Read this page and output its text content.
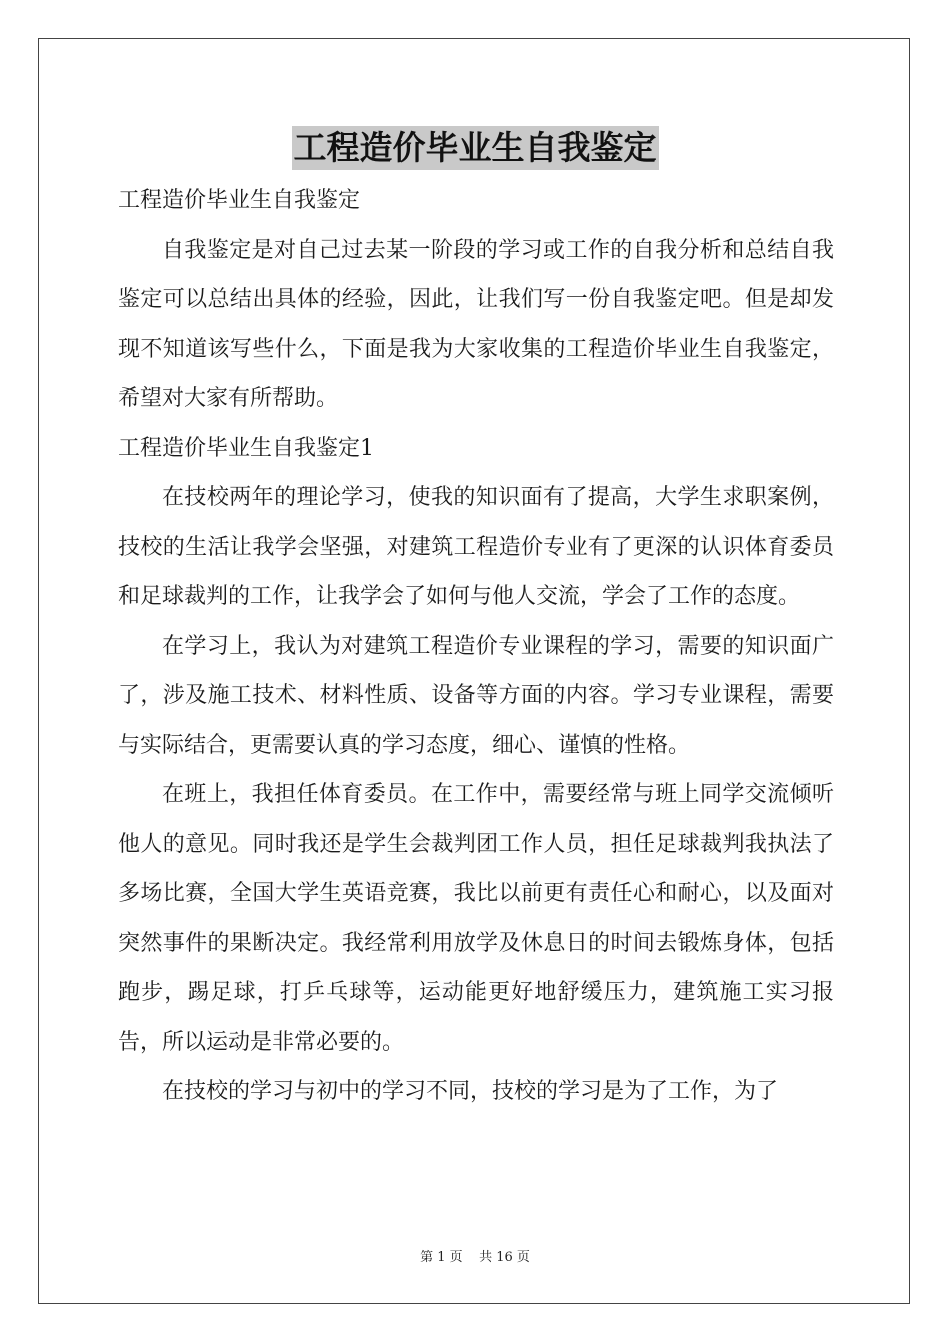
工程造价毕业生自我鉴定

工程造价毕业生自我鉴定

自我鉴定是对自己过去某一阶段的学习或工作的自我分析和总结自我鉴定可以总结出具体的经验，因此，让我们写一份自我鉴定吧。但是却发现不知道该写些什么，下面是我为大家收集的工程造价毕业生自我鉴定，希望对大家有所帮助。

工程造价毕业生自我鉴定1

在技校两年的理论学习，使我的知识面有了提高，大学生求职案例，技校的生活让我学会坚强，对建筑工程造价专业有了更深的认识体育委员和足球裁判的工作，让我学会了如何与他人交流，学会了工作的态度。

在学习上，我认为对建筑工程造价专业课程的学习，需要的知识面广了，涉及施工技术、材料性质、设备等方面的内容。学习专业课程，需要与实际结合，更需要认真的学习态度，细心、谨慎的性格。

在班上，我担任体育委员。在工作中，需要经常与班上同学交流倾听他人的意见。同时我还是学生会裁判团工作人员，担任足球裁判我执法了多场比赛，全国大学生英语竞赛，我比以前更有责任心和耐心，以及面对突然事件的果断决定。我经常利用放学及休息日的时间去锻炼身体，包括跑步，踢足球，打乒乓球等，运动能更好地舒缓压力，建筑施工实习报告，所以运动是非常必要的。

在技校的学习与初中的学习不同，技校的学习是为了工作，为了

第 1 页    共 16 页
